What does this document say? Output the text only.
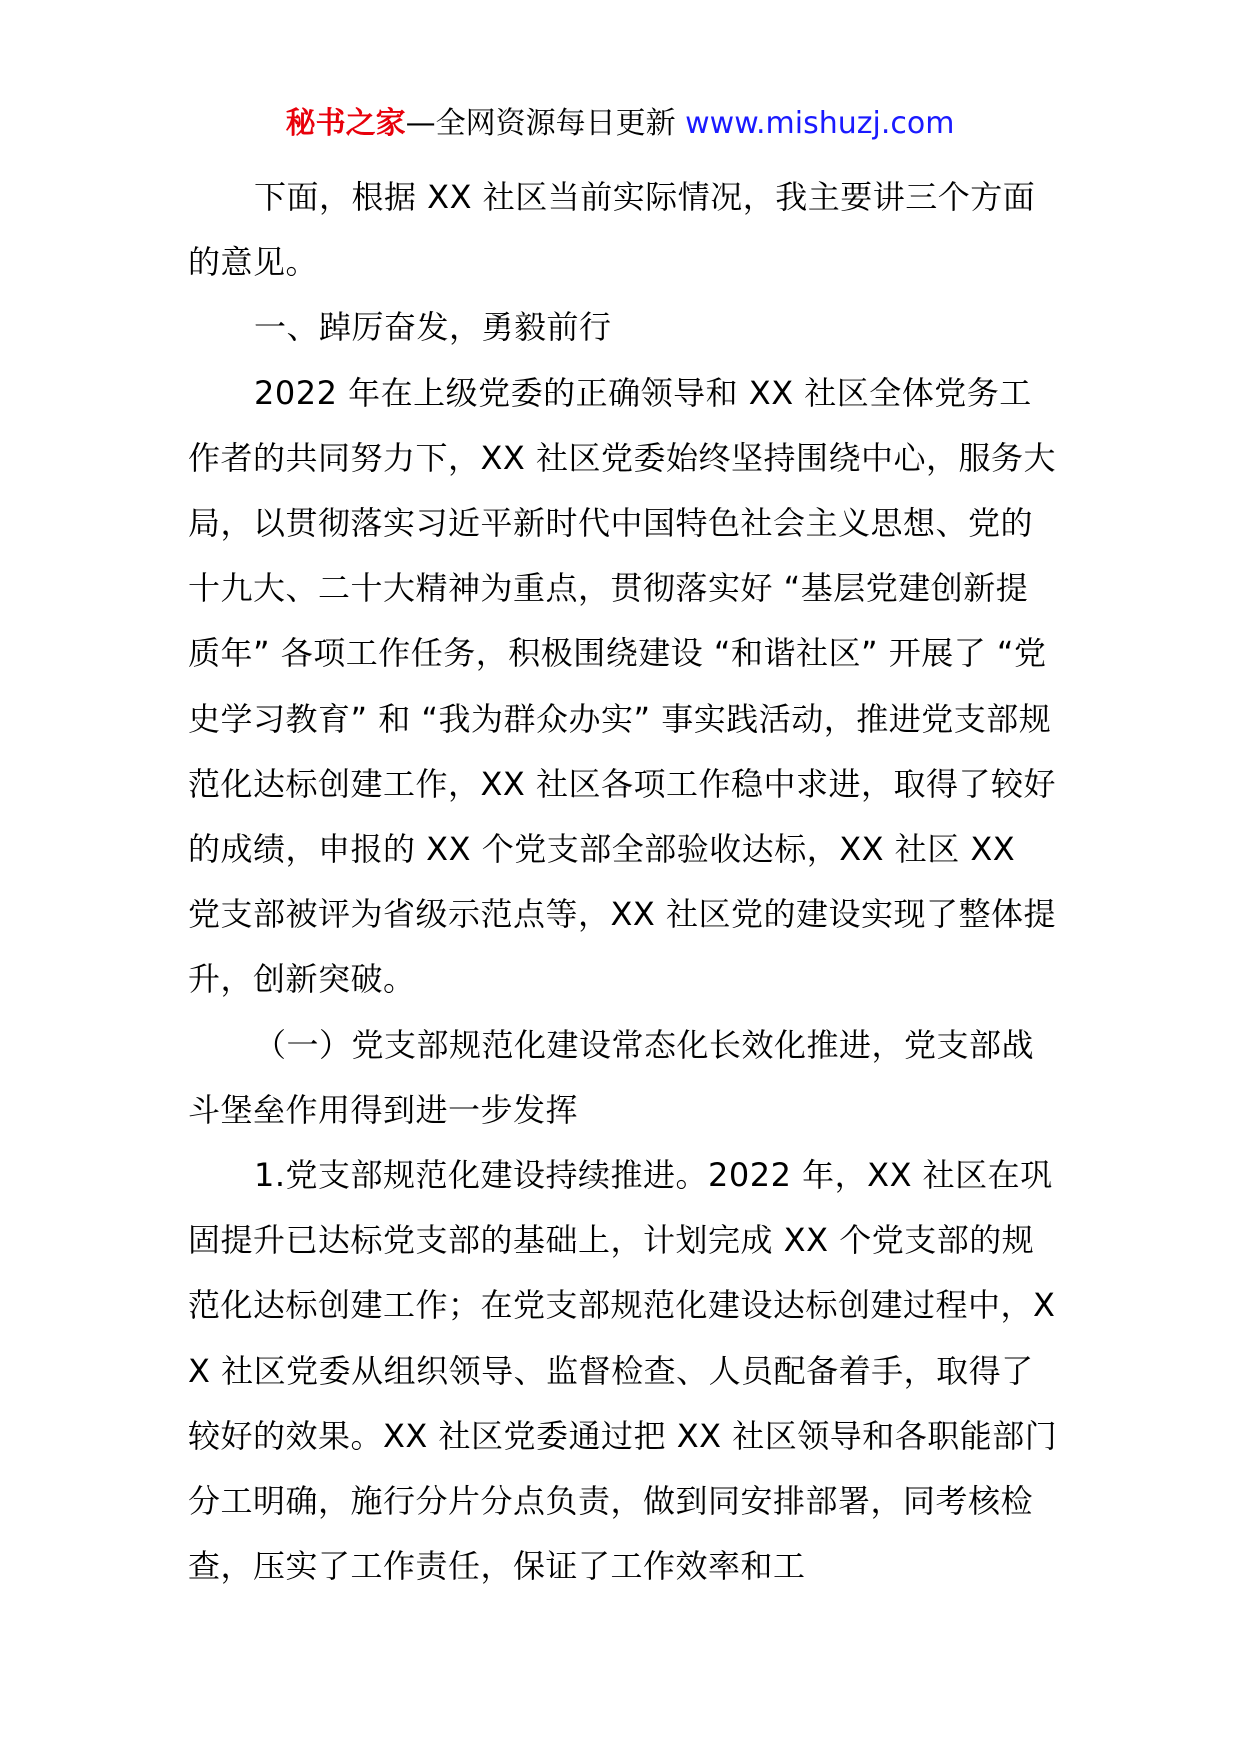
秘书之家—全网资源每日更新 www.mishuzj.com

下面，根据 XX 社区当前实际情况，我主要讲三个方面的意见。

一、踔厉奋发，勇毅前行

2022 年在上级党委的正确领导和 XX 社区全体党务工作者的共同努力下，XX 社区党委始终坚持围绕中心，服务大局，以贯彻落实习近平新时代中国特色社会主义思想、党的十九大、二十大精神为重点，贯彻落实好 “基层党建创新提质年” 各项工作任务，积极围绕建设 “和谐社区” 开展了 “党史学习教育” 和 “我为群众办实” 事实践活动，推进党支部规范化达标创建工作，XX 社区各项工作稳中求进，取得了较好的成绩，申报的 XX 个党支部全部验收达标，XX 社区 XX 党支部被评为省级示范点等，XX 社区党的建设实现了整体提升，创新突破。

（一）党支部规范化建设常态化长效化推进，党支部战斗堡垒作用得到进一步发挥

1.党支部规范化建设持续推进。2022 年，XX 社区在巩固提升已达标党支部的基础上，计划完成 XX 个党支部的规范化达标创建工作；在党支部规范化建设达标创建过程中，XX 社区党委从组织领导、监督检查、人员配备着手，取得了较好的效果。XX 社区党委通过把 XX 社区领导和各职能部门分工明确，施行分片分点负责，做到同安排部署，同考核检查，压实了工作责任，保证了工作效率和工
